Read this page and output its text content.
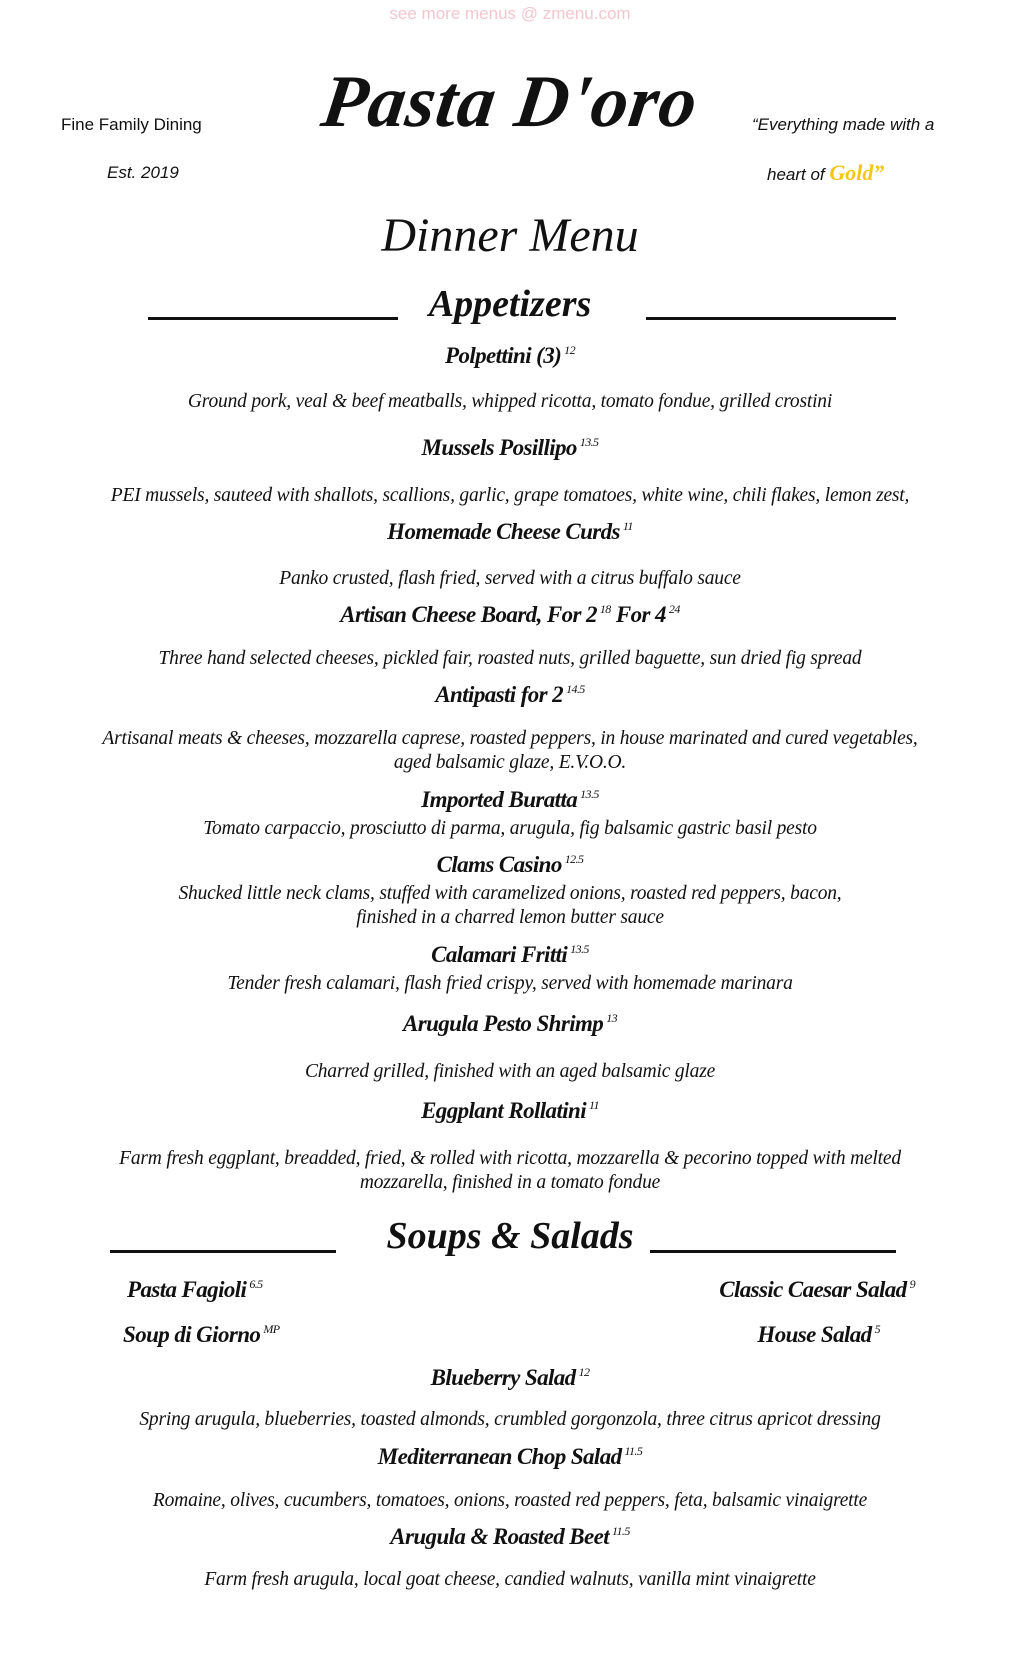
see more menus @ zmenu.com
Pasta D'oro
Fine Family Dining
Est. 2019
“Everything made with a
heart of Gold”
Dinner Menu
Appetizers
Polpettini (3) $^{12}$
Ground pork, veal & beef meatballs, whipped ricotta, tomato fondue, grilled crostini
Mussels Posillipo $^{13.5}$
PEI mussels, sauteed with shallots, scallions, garlic, grape tomatoes, white wine, chili flakes, lemon zest,
Homemade Cheese Curds $^{11}$
Panko crusted, flash fried, served with a citrus buffalo sauce
Artisan Cheese Board, For 2 $^{18}$ For 4 $^{24}$
Three hand selected cheeses, pickled fair, roasted nuts, grilled baguette, sun dried fig spread
Antipasti for 2 $^{14.5}$
Artisanal meats & cheeses, mozzarella caprese, roasted peppers, in house marinated and cured vegetables,
aged balsamic glaze, E.V.O.O.
Imported Buratta $^{13.5}$
Tomato carpaccio, prosciutto di parma, arugula, fig balsamic gastric basil pesto
Clams Casino $^{12.5}$
Shucked little neck clams, stuffed with caramelized onions, roasted red peppers, bacon,
finished in a charred lemon butter sauce
Calamari Fritti $^{13.5}$
Tender fresh calamari, flash fried crispy, served with homemade marinara
Arugula Pesto Shrimp $^{13}$
Charred grilled, finished with an aged balsamic glaze
Eggplant Rollatini $^{11}$
Farm fresh eggplant, breadded, fried, & rolled with ricotta, mozzarella & pecorino topped with melted
mozzarella, finished in a tomato fondue
Soups & Salads
Pasta Fagioli $^{6.5}$
Soup di Giorno $^{MP}$
Classic Caesar Salad $^9$
House Salad $^5$
Blueberry Salad $^{12}$
Spring arugula, blueberries, toasted almonds, crumbled gorgonzola, three citrus apricot dressing
Mediterranean Chop Salad $^{11.5}$
Romaine, olives, cucumbers, tomatoes, onions, roasted red peppers, feta, balsamic vinaigrette
Arugula & Roasted Beet $^{11.5}$
Farm fresh arugula, local goat cheese, candied walnuts, vanilla mint vinaigrette
